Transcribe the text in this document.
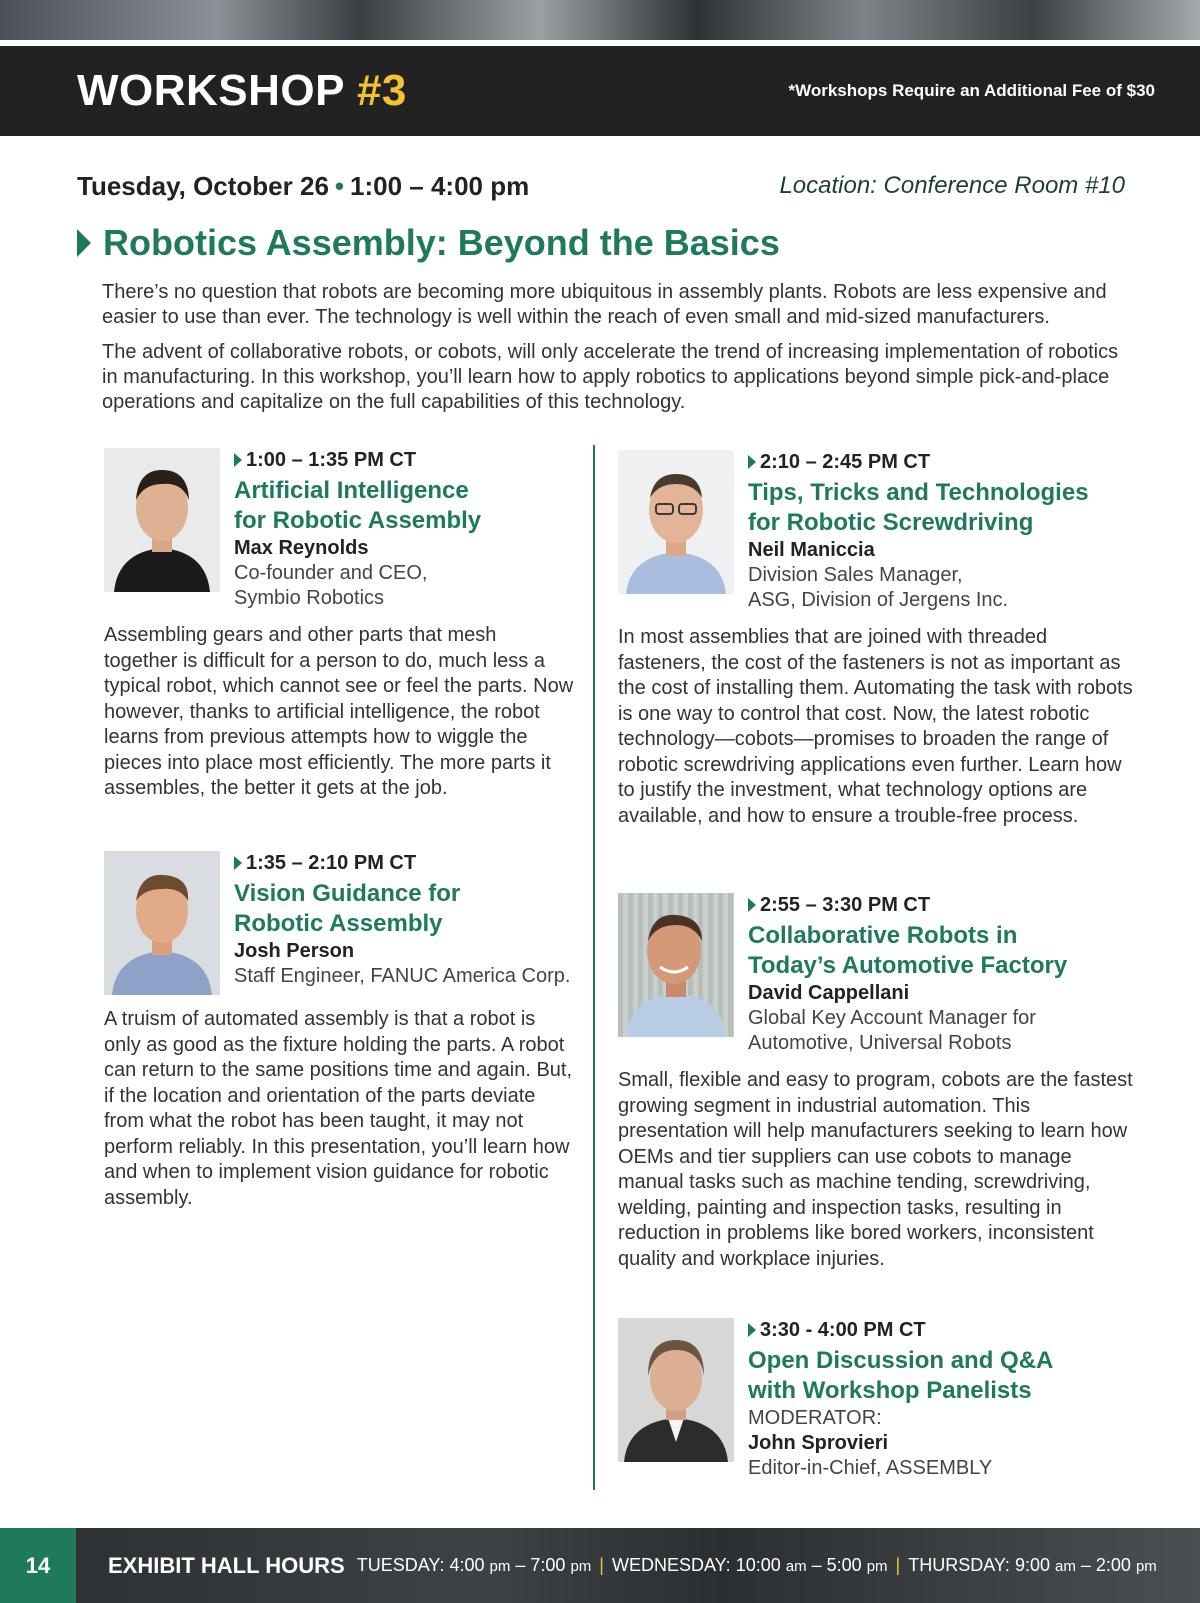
WORKSHOP #3	*Workshops Require an Additional Fee of $30
Tuesday, October 26 • 1:00 – 4:00 pm	Location: Conference Room #10
Robotics Assembly: Beyond the Basics

There’s no question that robots are becoming more ubiquitous in assembly plants. Robots are less expensive and easier to use than ever. The technology is well within the reach of even small and mid-sized manufacturers.

The advent of collaborative robots, or cobots, will only accelerate the trend of increasing implementation of robotics in manufacturing. In this workshop, you’ll learn how to apply robotics to applications beyond simple pick-and-place operations and capitalize on the full capabilities of this technology.

1:00 – 1:35 PM CT
Artificial Intelligence
for Robotic Assembly
Max Reynolds
Co-founder and CEO,
Symbio Robotics
Assembling gears and other parts that mesh together is difficult for a person to do, much less a typical robot, which cannot see or feel the parts. Now however, thanks to artificial intelligence, the robot learns from previous attempts how to wiggle the pieces into place most efficiently. The more parts it assembles, the better it gets at the job.
1:35 – 2:10 PM CT
Vision Guidance for
Robotic Assembly
Josh Person
Staff Engineer, FANUC America Corp.
A truism of automated assembly is that a robot is only as good as the fixture holding the parts. A robot can return to the same positions time and again. But, if the location and orientation of the parts deviate from what the robot has been taught, it may not perform reliably. In this presentation, you’ll learn how and when to implement vision guidance for robotic assembly.
2:10 – 2:45 PM CT
Tips, Tricks and Technologies
for Robotic Screwdriving
Neil Maniccia
Division Sales Manager,
ASG, Division of Jergens Inc.
In most assemblies that are joined with threaded fasteners, the cost of the fasteners is not as important as the cost of installing them. Automating the task with robots is one way to control that cost. Now, the latest robotic technology—cobots—promises to broaden the range of robotic screwdriving applications even further. Learn how to justify the investment, what technology options are available, and how to ensure a trouble-free process.
2:55 – 3:30 PM CT
Collaborative Robots in
Today’s Automotive Factory
David Cappellani
Global Key Account Manager for
Automotive, Universal Robots
Small, flexible and easy to program, cobots are the fastest growing segment in industrial automation. This presentation will help manufacturers seeking to learn how OEMs and tier suppliers can use cobots to manage manual tasks such as machine tending, screwdriving, welding, painting and inspection tasks, resulting in reduction in problems like bored workers, inconsistent quality and workplace injuries.
3:30 - 4:00 PM CT
Open Discussion and Q&A
with Workshop Panelists
MODERATOR:
John Sprovieri
Editor-in-Chief, ASSEMBLY
14	EXHIBIT HALL HOURS TUESDAY: 4:00 pm – 7:00 pm | WEDNESDAY: 10:00 am – 5:00 pm | THURSDAY: 9:00 am – 2:00 pm
